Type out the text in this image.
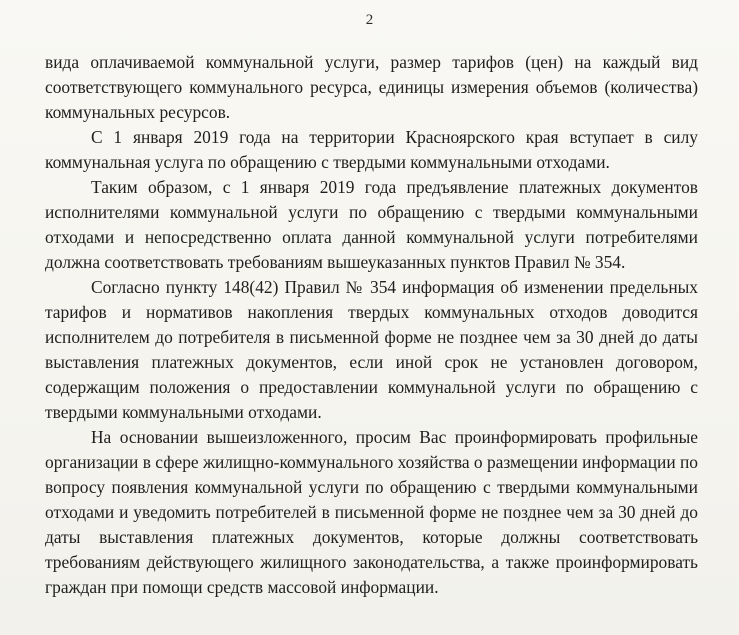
2

вида оплачиваемой коммунальной услуги, размер тарифов (цен) на каждый вид соответствующего коммунального ресурса, единицы измерения объемов (количества) коммунальных ресурсов.

С 1 января 2019 года на территории Красноярского края вступает в силу коммунальная услуга по обращению с твердыми коммунальными отходами.

Таким образом, с 1 января 2019 года предъявление платежных документов исполнителями коммунальной услуги по обращению с твердыми коммунальными отходами и непосредственно оплата данной коммунальной услуги потребителями должна соответствовать требованиям вышеуказанных пунктов Правил № 354.

Согласно пункту 148(42) Правил № 354 информация об изменении предельных тарифов и нормативов накопления твердых коммунальных отходов доводится исполнителем до потребителя в письменной форме не позднее чем за 30 дней до даты выставления платежных документов, если иной срок не установлен договором, содержащим положения о предоставлении коммунальной услуги по обращению с твердыми коммунальными отходами.

На основании вышеизложенного, просим Вас проинформировать профильные организации в сфере жилищно-коммунального хозяйства о размещении информации по вопросу появления коммунальной услуги по обращению с твердыми коммунальными отходами и уведомить потребителей в письменной форме не позднее чем за 30 дней до даты выставления платежных документов, которые должны соответствовать требованиям действующего жилищного законодательства, а также проинформировать граждан при помощи средств массовой информации.
